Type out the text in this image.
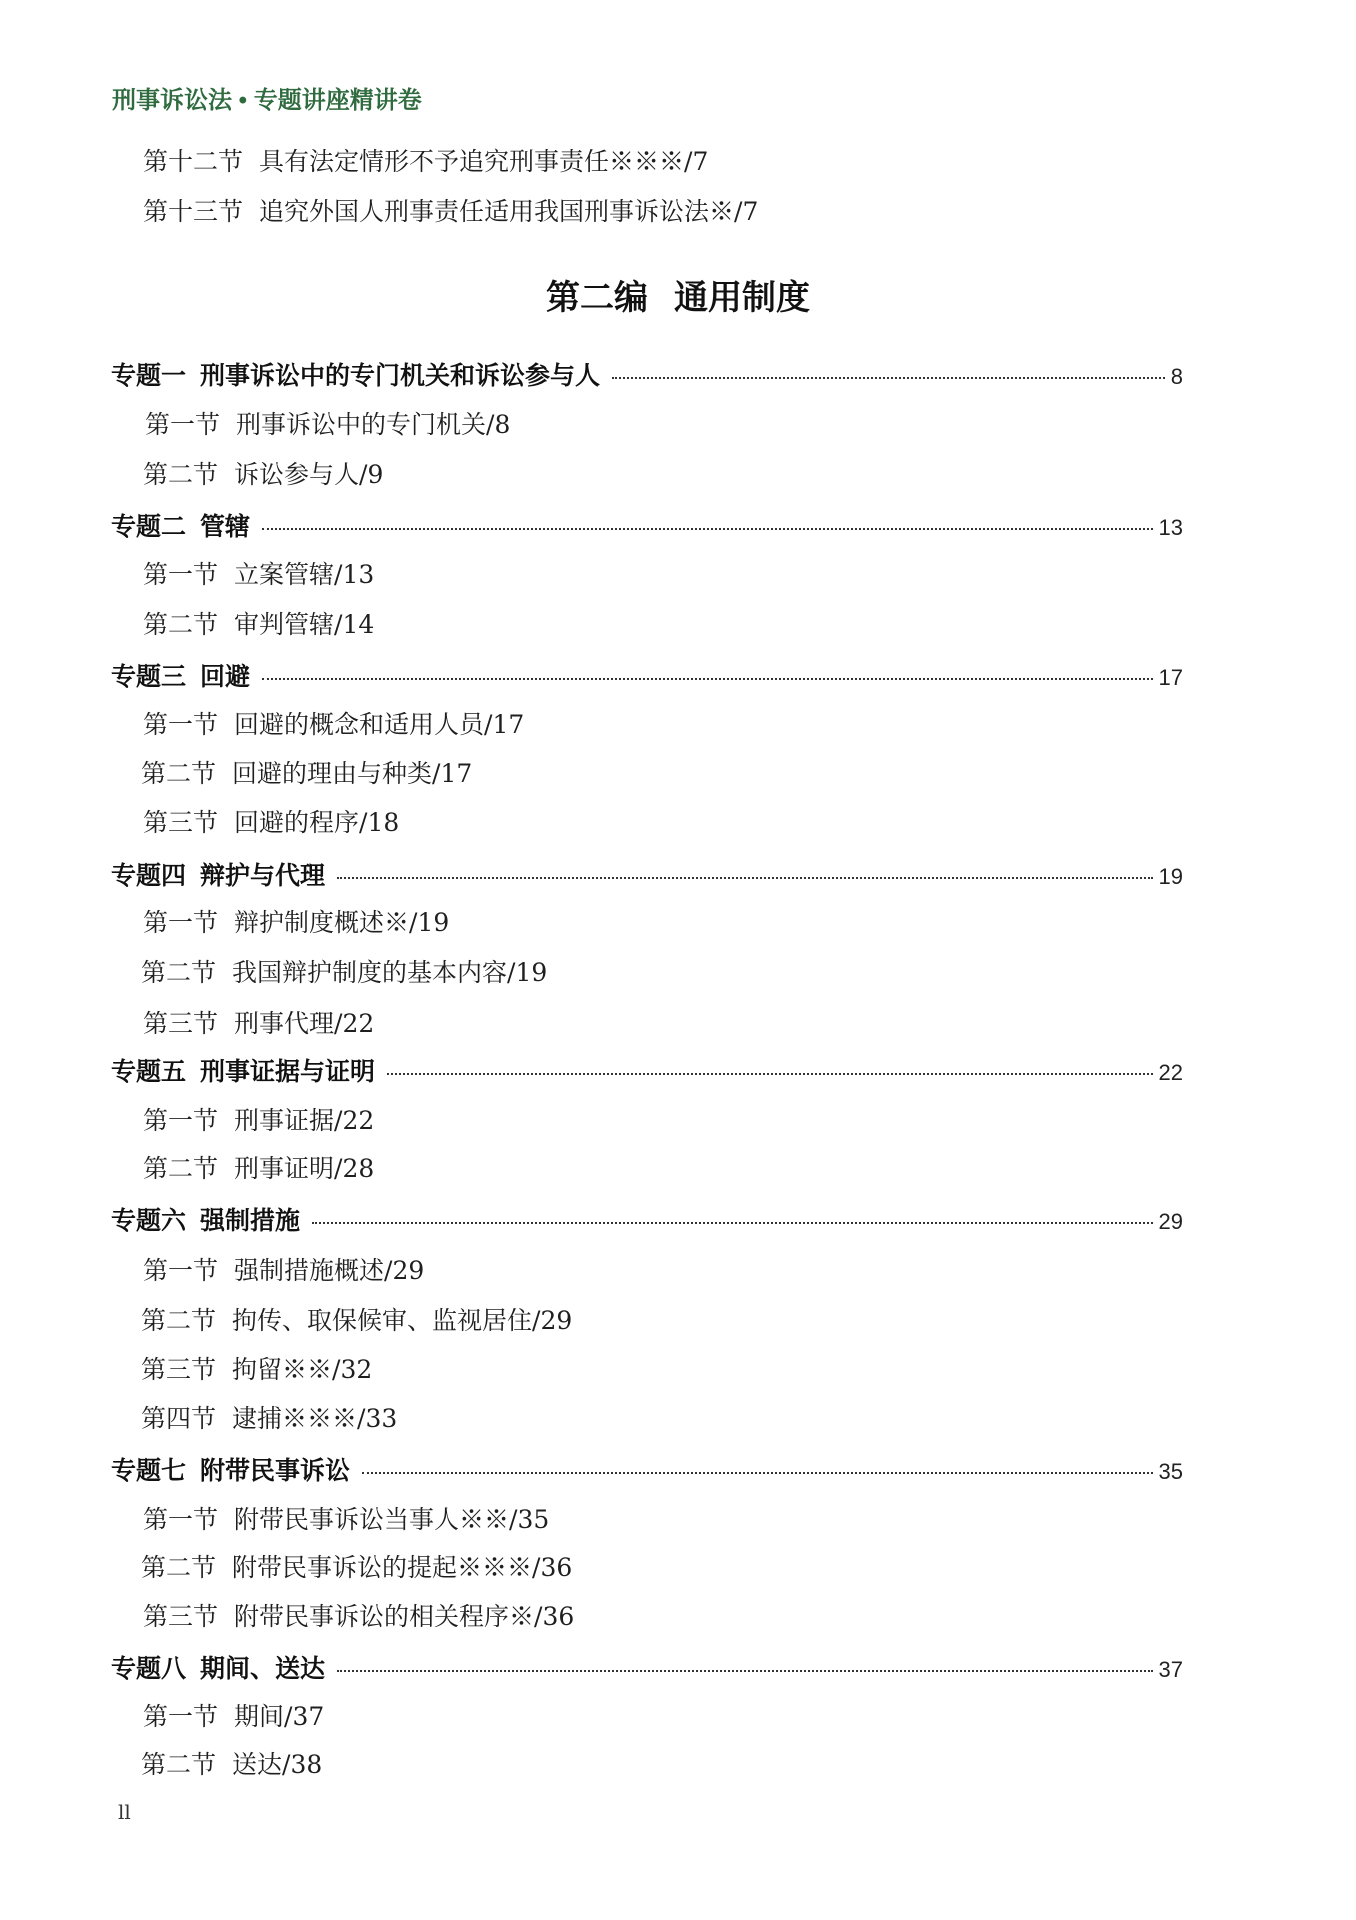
刑事诉讼法 • 专题讲座精讲卷
第十二节 具有法定情形不予追究刑事责任※※※/7
第十三节 追究外国人刑事责任适用我国刑事诉讼法※/7
第二编 通用制度
专题一 刑事诉讼中的专门机关和诉讼参与人	8
第一节 刑事诉讼中的专门机关/8
第二节 诉讼参与人/9
专题二 管辖	13
第一节 立案管辖/13
第二节 审判管辖/14
专题三 回避	17
第一节 回避的概念和适用人员/17
第二节 回避的理由与种类/17
第三节 回避的程序/18
专题四 辩护与代理	19
第一节 辩护制度概述※/19
第二节 我国辩护制度的基本内容/19
第三节 刑事代理/22
专题五 刑事证据与证明	22
第一节 刑事证据/22
第二节 刑事证明/28
专题六 强制措施	29
第一节 强制措施概述/29
第二节 拘传、取保候审、监视居住/29
第三节 拘留※※/32
第四节 逮捕※※※/33
专题七 附带民事诉讼	35
第一节 附带民事诉讼当事人※※/35
第二节 附带民事诉讼的提起※※※/36
第三节 附带民事诉讼的相关程序※/36
专题八 期间、送达	37
第一节 期间/37
第二节 送达/38
ll
